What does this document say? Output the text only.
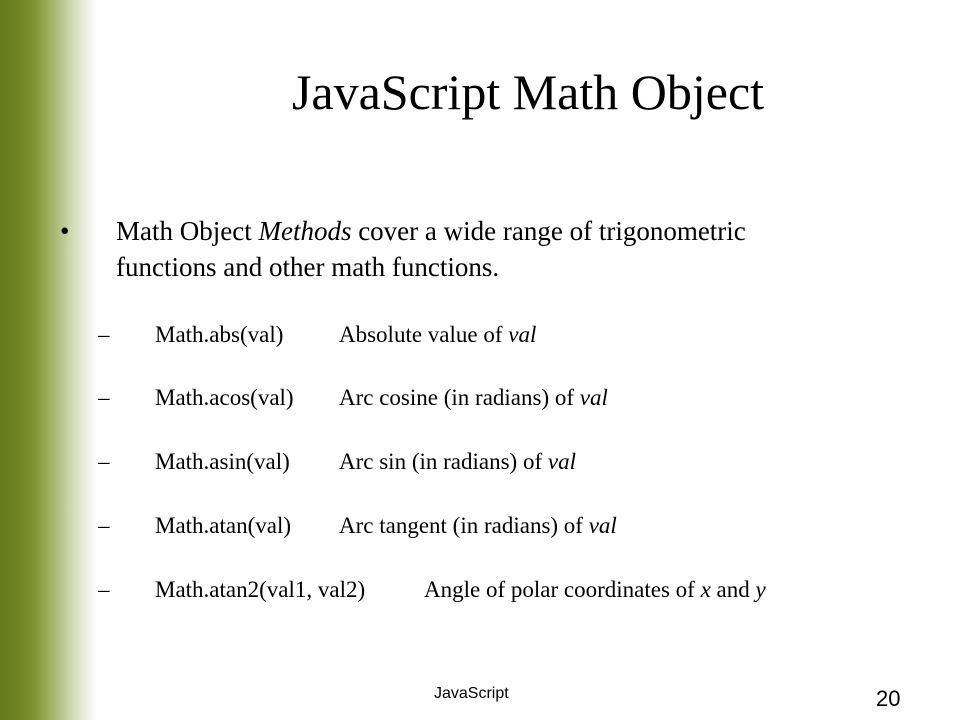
JavaScript Math Object
• Math Object Methods cover a wide range of trigonometric
functions and other math functions.
– Math.abs(val) Absolute value of val
– Math.acos(val) Arc cosine (in radians) of val
– Math.asin(val) Arc sin (in radians) of val
– Math.atan(val) Arc tangent (in radians) of val
– Math.atan2(val1, val2)	Angle of polar coordinates of x and y
JavaScript	20
